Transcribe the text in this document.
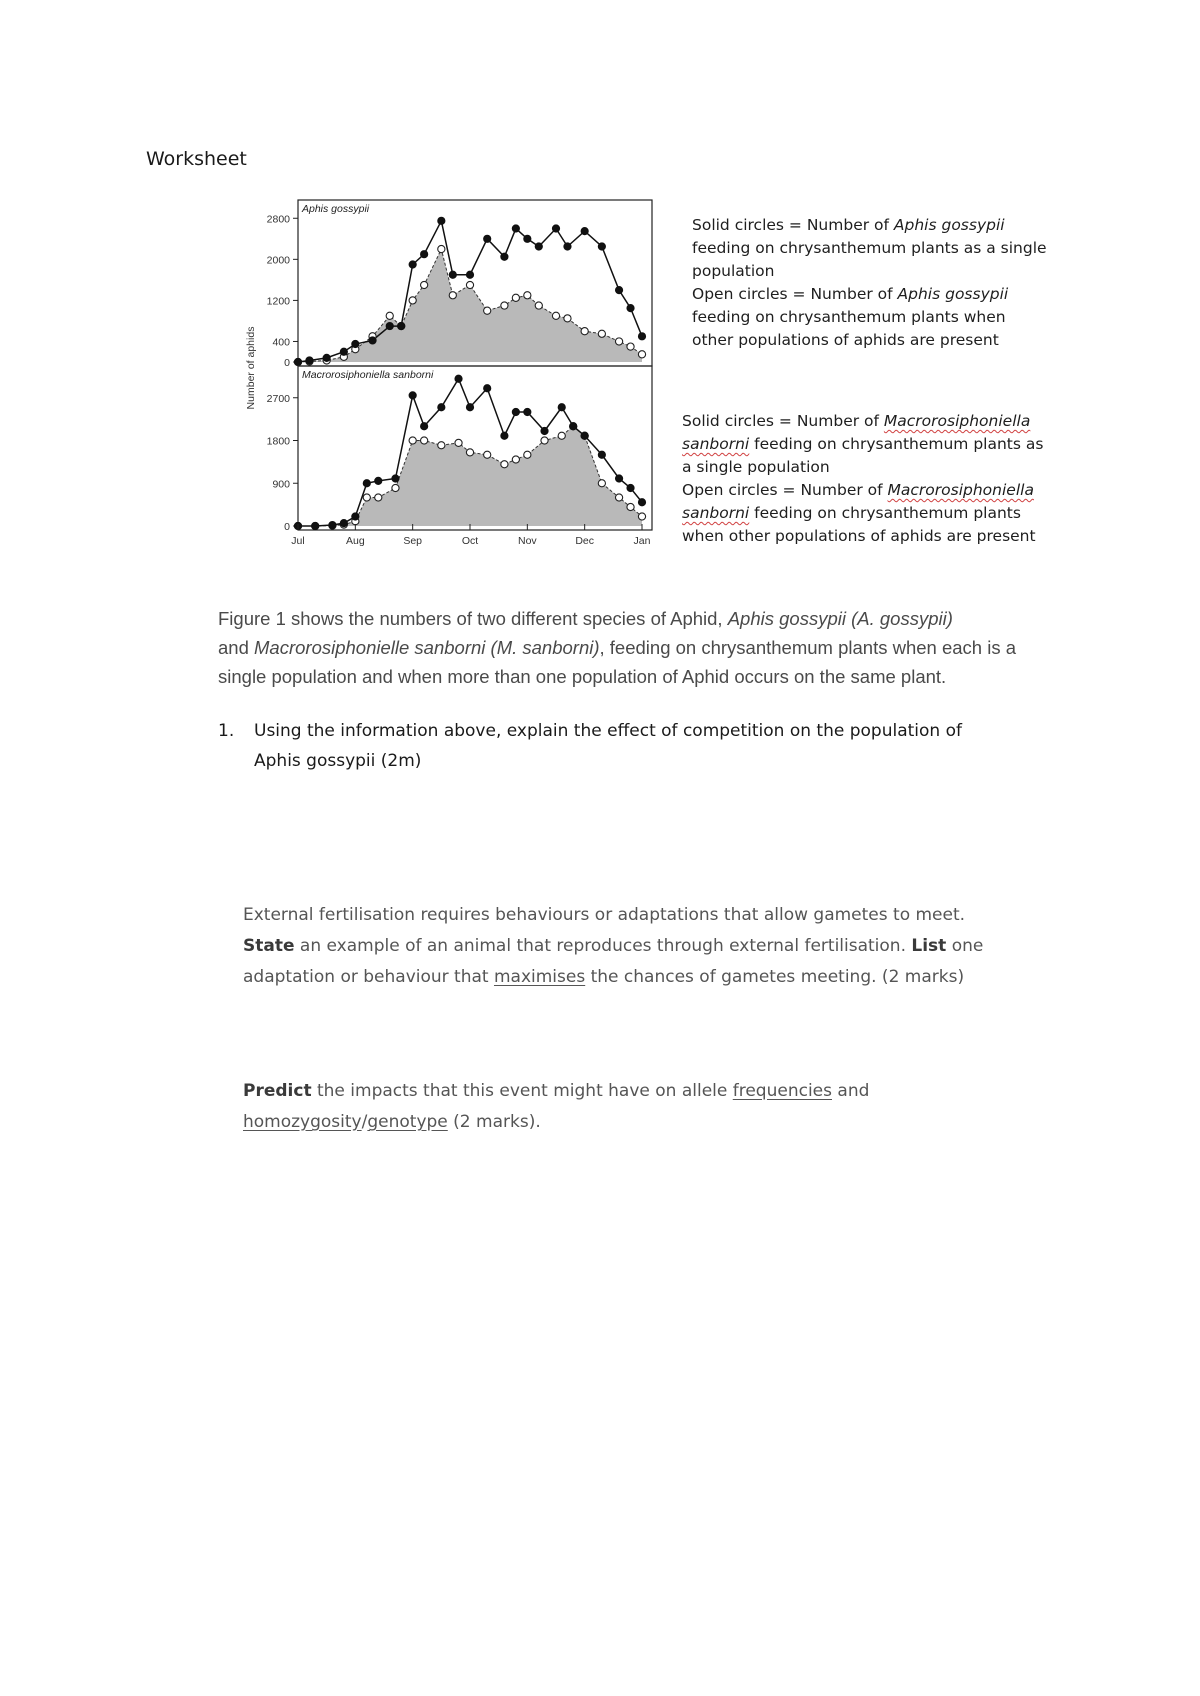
Worksheet
2800
2000
1200
400
0
Aphis gossypii
2700
1800
900
0
Macrorosiphoniella sanborni
Jul	Aug	Sep	Oct	Nov	Dec	Jan
Number of aphids

Solid circles = Number of Aphis gossypii

feeding on chrysanthemum plants as a single

population

Open circles = Number of Aphis gossypii

feeding on chrysanthemum plants when

other populations of aphids are present

Solid circles = Number of Macrorosiphoniella

sanborni feeding on chrysanthemum plants as

a single population

Open circles = Number of Macrorosiphoniella

sanborni feeding on chrysanthemum plants

when other populations of aphids are present

Figure 1 shows the numbers of two different species of Aphid, Aphis gossypii (A. gossypii)

and Macrorosiphonielle sanborni (M. sanborni), feeding on chrysanthemum plants when each is a

single population and when more than one population of Aphid occurs on the same plant.

1. Using the information above, explain the effect of competition on the population of
Aphis gossypii (2m)

External fertilisation requires behaviours or adaptations that allow gametes to meet.

State an example of an animal that reproduces through external fertilisation. List one

adaptation or behaviour that maximises the chances of gametes meeting. (2 marks)

Predict the impacts that this event might have on allele frequencies and

homozygosity/genotype (2 marks).
